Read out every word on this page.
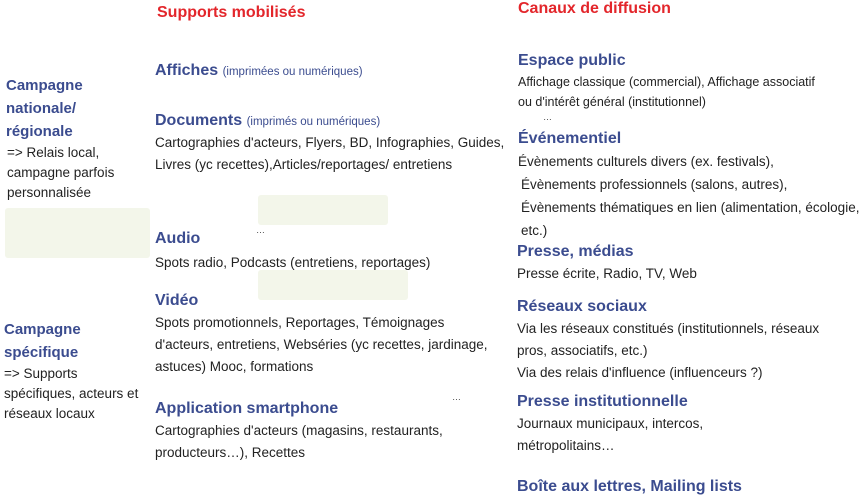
Supports mobilisés	Canaux de diffusion
Campagne nationale/ régionale
=> Relais local, campagne parfois personnalisée
Campagne spécifique
=> Supports spécifiques, acteurs et réseaux locaux
Affiches (imprimées ou numériques)
Documents (imprimés ou numériques)
Cartographies d'acteurs, Flyers, BD, Infographies, Guides, Livres (yc recettes),Articles/reportages/ entretiens
…
Audio
Spots radio, Podcasts (entretiens, reportages)
Vidéo
Spots promotionnels, Reportages, Témoignages d'acteurs, entretiens, Webséries (yc recettes, jardinage, astuces) Mooc, formations
…
Application smartphone
Cartographies d'acteurs (magasins, restaurants, producteurs…), Recettes
Espace public
Affichage classique (commercial), Affichage associatif ou d'intérêt général (institutionnel)
…
Événementiel
Évènements culturels divers (ex. festivals),
Évènements professionnels (salons, autres),
Évènements thématiques en lien (alimentation, écologie, etc.)
Presse, médias
Presse écrite, Radio, TV, Web
Réseaux sociaux
Via les réseaux constitués (institutionnels, réseaux pros, associatifs, etc.)
Via des relais d'influence (influenceurs ?)
Presse institutionnelle
Journaux municipaux, intercos, métropolitains…
Boîte aux lettres, Mailing lists
